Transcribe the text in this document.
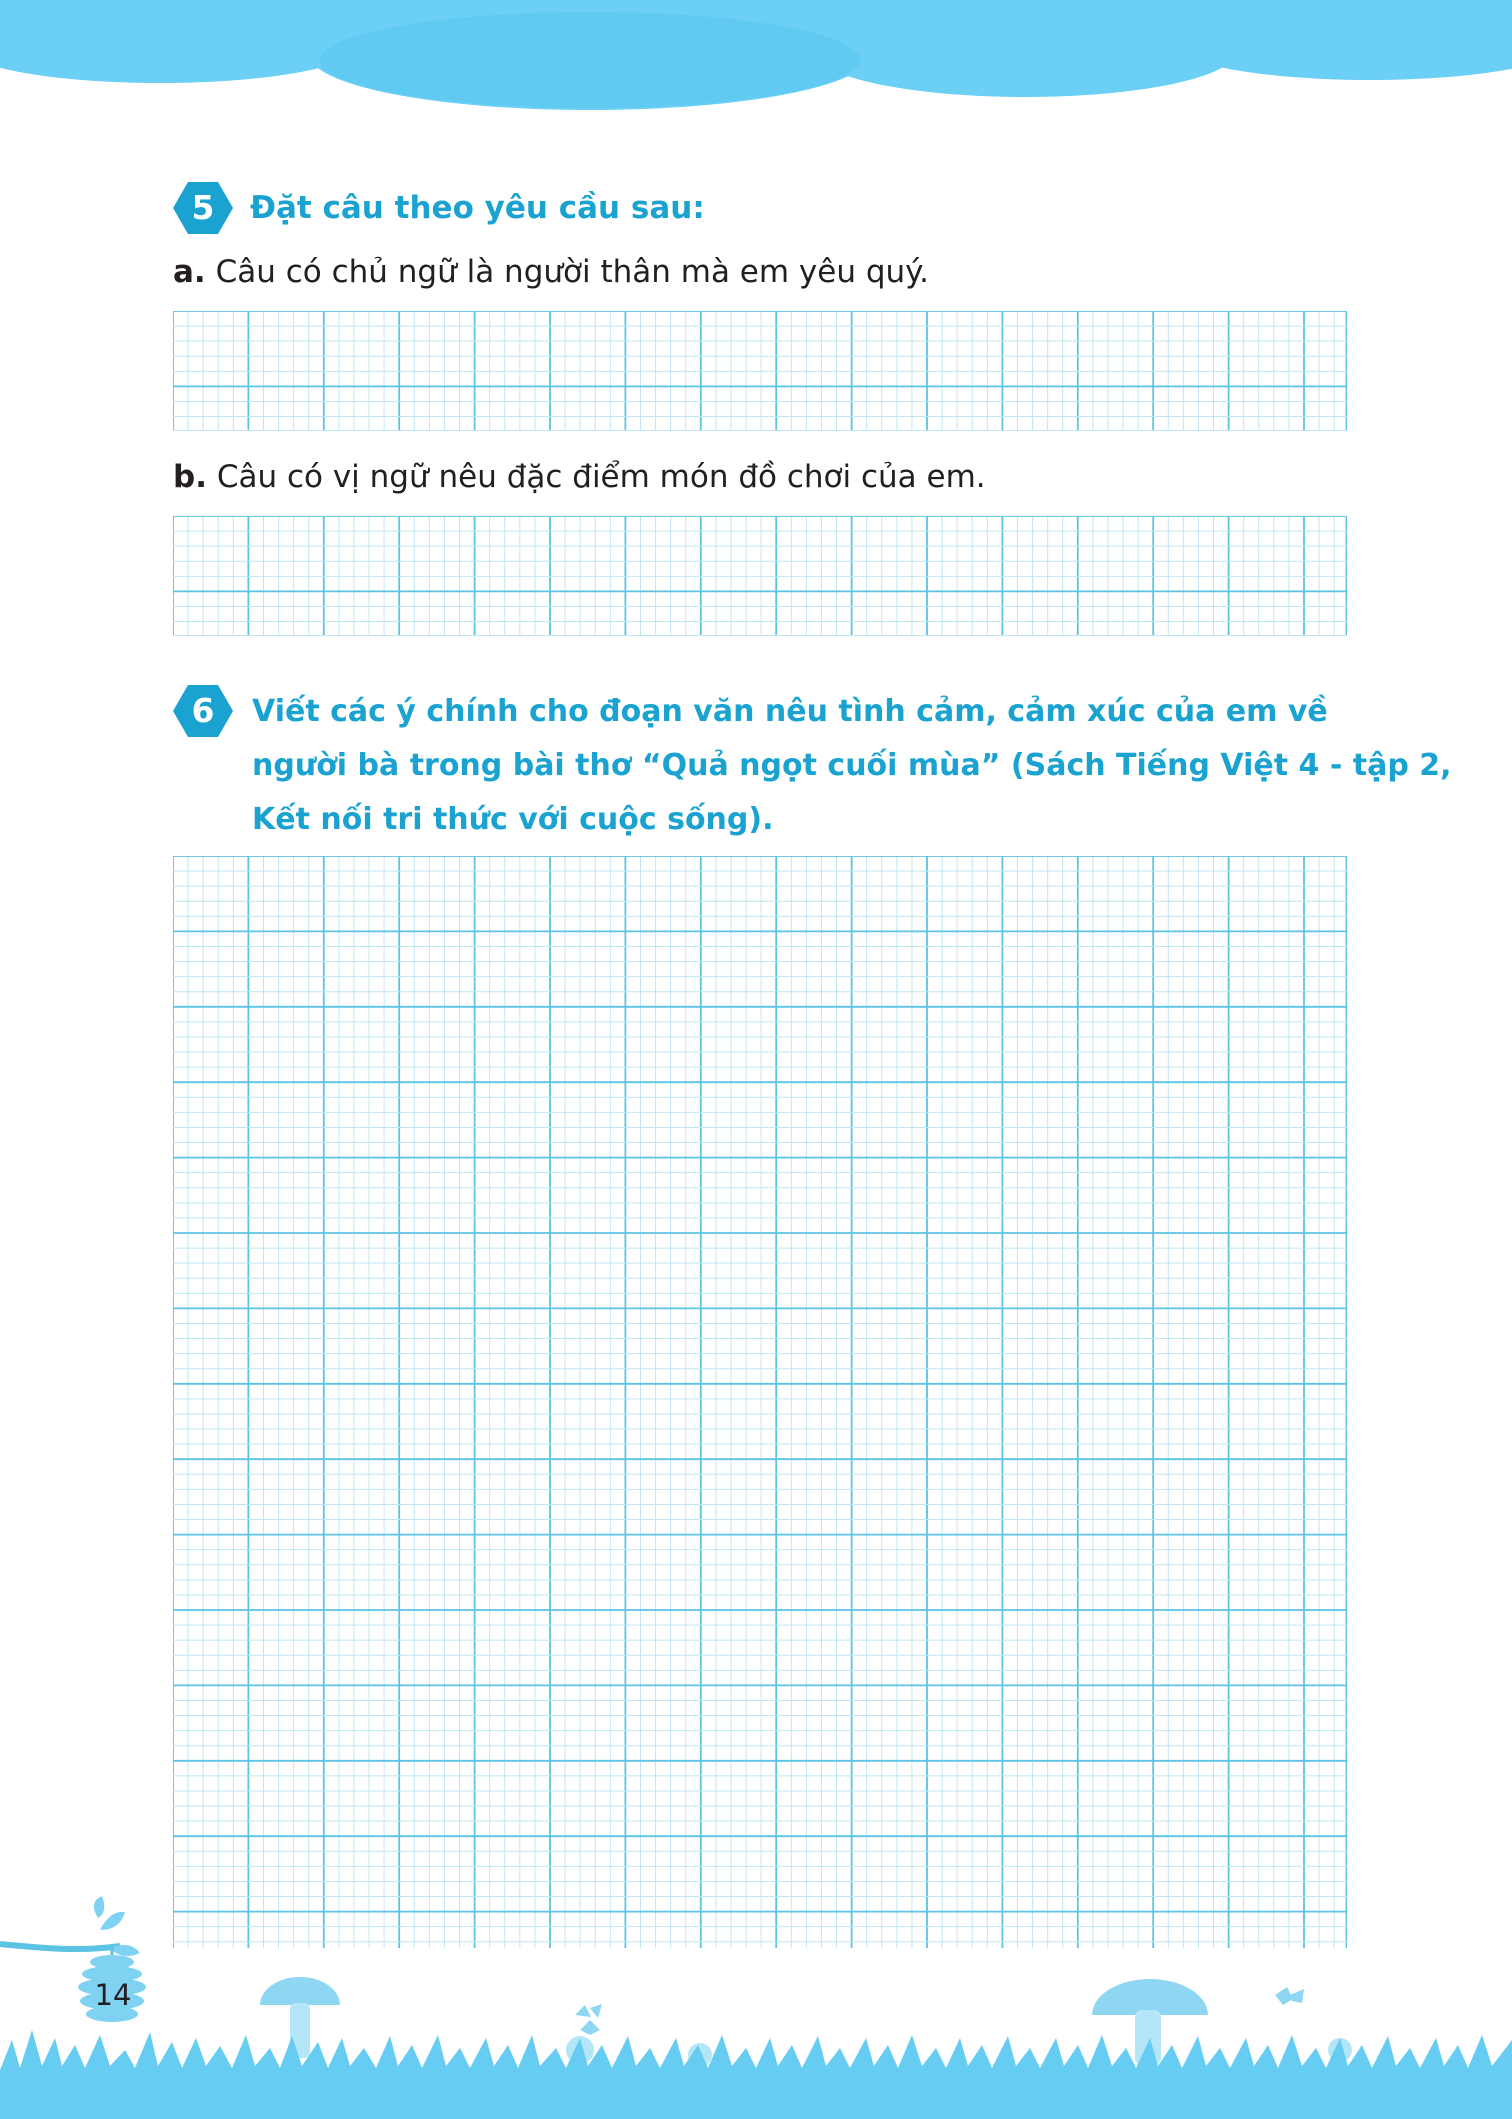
5	Đặt câu theo yêu cầu sau:
a. Câu có chủ ngữ là người thân mà em yêu quý.
b. Câu có vị ngữ nêu đặc điểm món đồ chơi của em.
6	Viết các ý chính cho đoạn văn nêu tình cảm, cảm xúc của em về
người bà trong bài thơ “Quả ngọt cuối mùa” (Sách Tiếng Việt 4 - tập 2,
Kết nối tri thức với cuộc sống).
14
